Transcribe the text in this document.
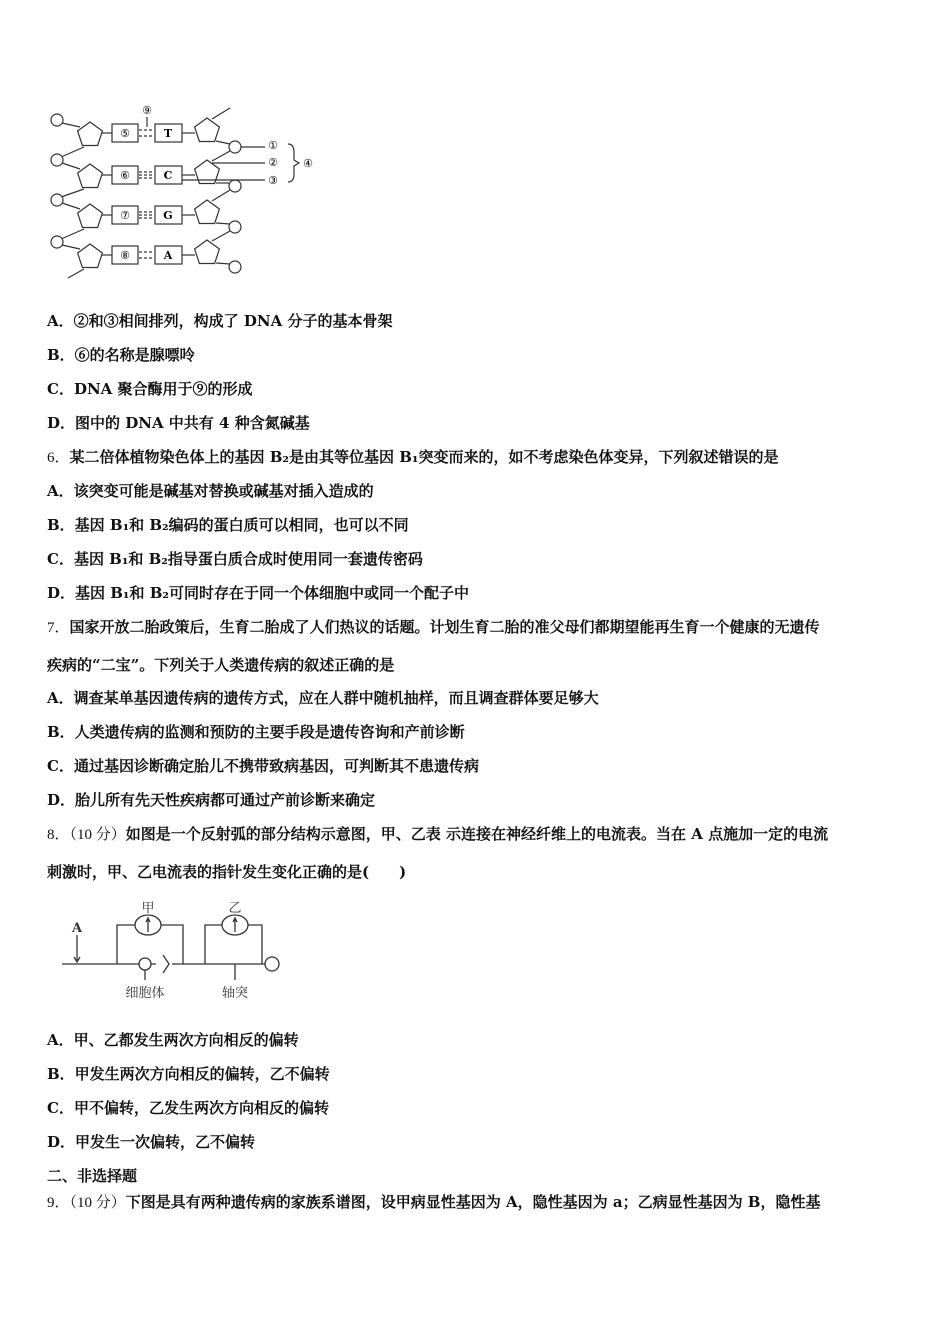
⑤
⑥
⑦
⑧
T
C
G
A
⑨
①
②
③
④
A．②和③相间排列，构成了 DNA 分子的基本骨架
B．⑥的名称是腺嘌呤
C．DNA 聚合酶用于⑨的形成
D．图中的 DNA 中共有 4 种含氮碱基
6．某二倍体植物染色体上的基因 B₂是由其等位基因 B₁突变而来的，如不考虑染色体变异，下列叙述错误的是
A．该突变可能是碱基对替换或碱基对插入造成的
B．基因 B₁和 B₂编码的蛋白质可以相同，也可以不同
C．基因 B₁和 B₂指导蛋白质合成时使用同一套遗传密码
D．基因 B₁和 B₂可同时存在于同一个体细胞中或同一个配子中
7．国家开放二胎政策后，生育二胎成了人们热议的话题。计划生育二胎的准父母们都期望能再生育一个健康的无遗传
疾病的“二宝”。下列关于人类遗传病的叙述正确的是
A．调查某单基因遗传病的遗传方式，应在人群中随机抽样，而且调查群体要足够大
B．人类遗传病的监测和预防的主要手段是遗传咨询和产前诊断
C．通过基因诊断确定胎儿不携带致病基因，可判断其不患遗传病
D．胎儿所有先天性疾病都可通过产前诊断来确定
8．（10 分）如图是一个反射弧的部分结构示意图，甲、乙表 示连接在神经纤维上的电流表。当在 A 点施加一定的电流
刺激时，甲、乙电流表的指针发生变化正确的是(　　)
A
甲	乙
细胞体	轴突
A．甲、乙都发生两次方向相反的偏转
B．甲发生两次方向相反的偏转，乙不偏转
C．甲不偏转，乙发生两次方向相反的偏转
D．甲发生一次偏转，乙不偏转
二、非选择题
9．（10 分）下图是具有两种遗传病的家族系谱图，设甲病显性基因为 A，隐性基因为 a；乙病显性基因为 B，隐性基
